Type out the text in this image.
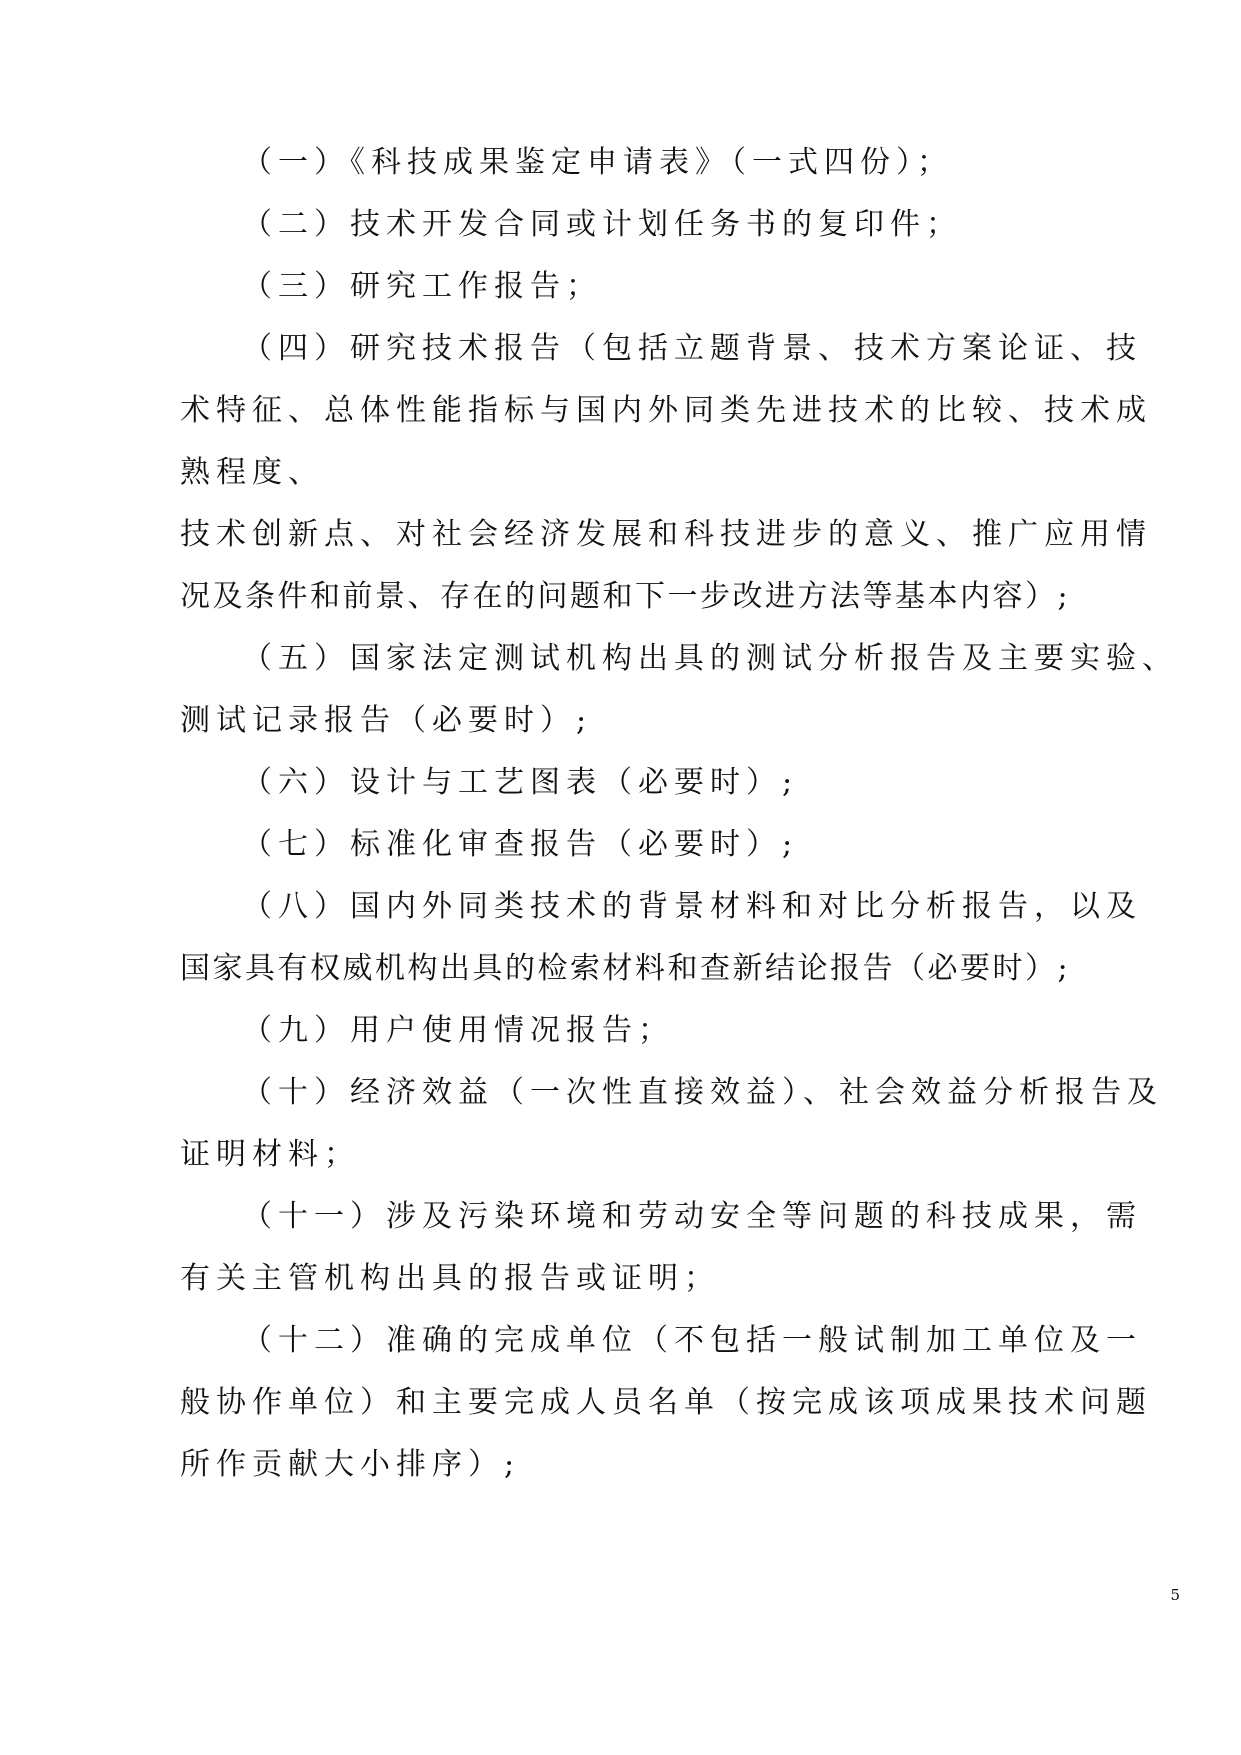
（一）《科技成果鉴定申请表》（一式四份）；
（二）技术开发合同或计划任务书的复印件；
（三）研究工作报告；
（四）研究技术报告（包括立题背景、技术方案论证、技
术特征、总体性能指标与国内外同类先进技术的比较、技术成
熟程度、
技术创新点、对社会经济发展和科技进步的意义、推广应用情
况及条件和前景、存在的问题和下一步改进方法等基本内容）;
（五）国家法定测试机构出具的测试分析报告及主要实验、
测试记录报告（必要时）;
（六）设计与工艺图表（必要时）;
（七）标准化审查报告（必要时）;
（八）国内外同类技术的背景材料和对比分析报告，以及
国家具有权威机构出具的检索材料和查新结论报告（必要时）;
（九）用户使用情况报告；
（十）经济效益（一次性直接效益）、社会效益分析报告及
证明材料；
（十一）涉及污染环境和劳动安全等问题的科技成果，需
有关主管机构出具的报告或证明；
（十二）准确的完成单位（不包括一般试制加工单位及一
般协作单位）和主要完成人员名单（按完成该项成果技术问题
所作贡献大小排序）;
5
